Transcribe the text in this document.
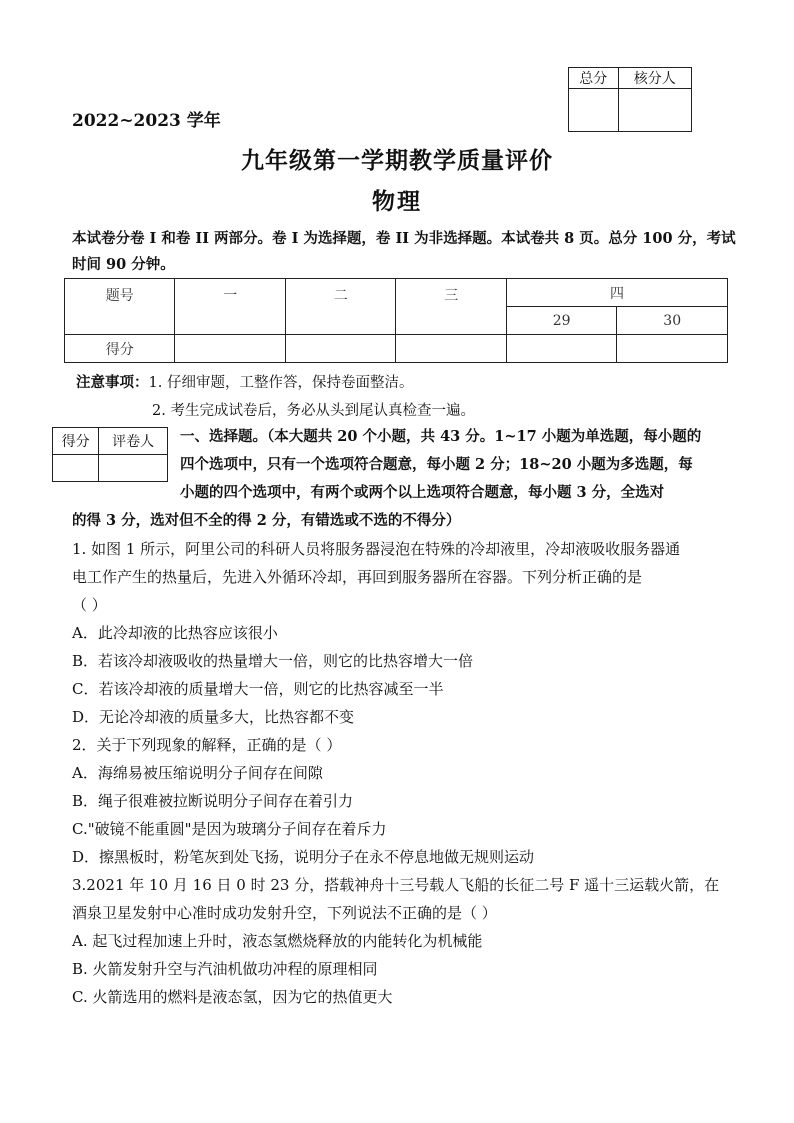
总分	核分人

2022~2023 学年
九年级第一学期教学质量评价
物理
本试卷分卷 I 和卷 II 两部分。卷 I 为选择题，卷 II 为非选择题。本试卷共 8 页。总分 100 分，考试时间 90 分钟。
题号	一	二	三	四	
				29	30
得分					
注意事项：1. 仔细审题，工整作答，保持卷面整洁。
2. 考生完成试卷后，务必从头到尾认真检查一遍。
得分	评卷人
		一、选择题。（本大题共 20 个小题，共 43 分。1~17 小题为单选题，每小题的
四个选项中，只有一个选项符合题意，每小题 2 分；18~20 小题为多选题，每
小题的四个选项中，有两个或两个以上选项符合题意，每小题 3 分，全选对
的得 3 分，选对但不全的得 2 分，有错选或不选的不得分）

1. 如图 1 所示，阿里公司的科研人员将服务器浸泡在特殊的冷却液里，冷却液吸收服务器通

电工作产生的热量后，先进入外循环冷却，再回到服务器所在容器。下列分析正确的是

（ ）

A．此冷却液的比热容应该很小

B．若该冷却液吸收的热量增大一倍，则它的比热容增大一倍

C．若该冷却液的质量增大一倍，则它的比热容减至一半

D．无论冷却液的质量多大，比热容都不变

2．关于下列现象的解释，正确的是（ ）

A．海绵易被压缩说明分子间存在间隙

B．绳子很难被拉断说明分子间存在着引力

C."破镜不能重圆"是因为玻璃分子间存在着斥力

D．擦黑板时，粉笔灰到处飞扬，说明分子在永不停息地做无规则运动

3.2021 年 10 月 16 日 0 时 23 分，搭载神舟十三号载人飞船的长征二号 F 遥十三运载火箭，在

酒泉卫星发射中心准时成功发射升空，下列说法不正确的是（ ）

A. 起飞过程加速上升时，液态氢燃烧释放的内能转化为机械能

B. 火箭发射升空与汽油机做功冲程的原理相同

C. 火箭选用的燃料是液态氢，因为它的热值更大
